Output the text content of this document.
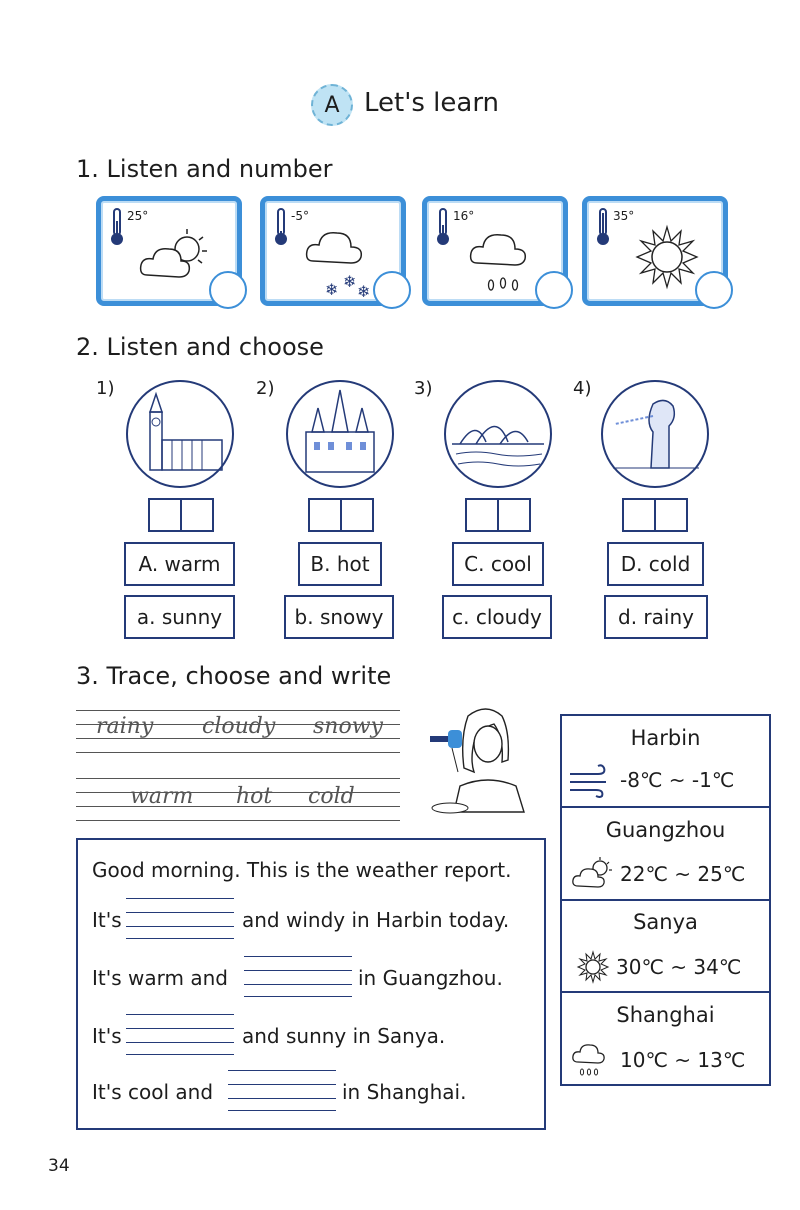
A Let's learn
1. Listen and number
25°	-5°
❄ ❄
❄
16°	35°
2. Listen and choose
1)	2)	3)	4)
A. warm	B. hot	C. cool	D. cold
a. sunny	b. snowy	c. cloudy	d. rainy
3. Trace, choose and write
rainy cloudy snowy
warm hot cold
Good morning. This is the weather report.
It's	and windy in Harbin today.
It's warm and	in Guangzhou.
It's	and sunny in Sanya.
It's cool and	in Shanghai.
Harbin
-8℃ ~ -1℃
Guangzhou
22℃ ~ 25℃
Sanya
30℃ ~ 34℃
Shanghai
10℃ ~ 13℃
34
